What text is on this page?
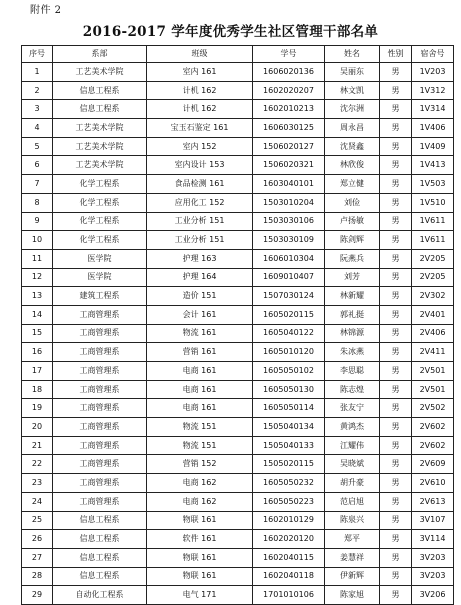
附件 2
2016-2017 学年度优秀学生社区管理干部名单
序号	系部	班级	学号	姓名	性别	宿舍号
1	工艺美术学院	室内 161	1606020136	吴丽东	男	1V203
2	信息工程系	计机 162	1602020207	林文凯	男	1V312
3	信息工程系	计机 162	1602010213	沈尔洲	男	1V314
4	工艺美术学院	宝玉石鉴定 161	1606030125	周永昌	男	1V406
5	工艺美术学院	室内 152	1506020127	沈贤鑫	男	1V409
6	工艺美术学院	室内设计 153	1506020321	林欣俊	男	1V413
7	化学工程系	食品检测 161	1603040101	郑立健	男	1V503
8	化学工程系	应用化工 152	1503010204	刘俭	男	1V510
9	化学工程系	工业分析 151	1503030106	卢扬敏	男	1V611
10	化学工程系	工业分析 151	1503030109	陈剑辉	男	1V611
11	医学院	护理 163	1606010304	阮燕兵	男	2V205
12	医学院	护理 164	1609010407	刘芳	男	2V205
13	建筑工程系	造价 151	1507030124	林新耀	男	2V302
14	工商管理系	会计 161	1605020115	郭礼挺	男	2V401
15	工商管理系	物流 161	1605040122	林锦源	男	2V406
16	工商管理系	营销 161	1605010120	朱冰燕	男	2V411
17	工商管理系	电商 161	1605050102	李思聪	男	2V501
18	工商管理系	电商 161	1605050130	陈志煌	男	2V501
19	工商管理系	电商 161	1605050114	张友宁	男	2V502
20	工商管理系	物流 151	1505040134	黄鸿杰	男	2V602
21	工商管理系	物流 151	1505040133	江耀伟	男	2V602
22	工商管理系	营销 152	1505020115	吴晓斌	男	2V609
23	工商管理系	电商 162	1605050232	胡升豪	男	2V610
24	工商管理系	电商 162	1605050223	范启旭	男	2V613
25	信息工程系	物联 161	1602010129	陈泉兴	男	3V107
26	信息工程系	软件 161	1602020120	郑平	男	3V114
27	信息工程系	物联 161	1602040115	姜慧祥	男	3V203
28	信息工程系	物联 161	1602040118	伊新辉	男	3V203
29	自动化工程系	电气 171	1701010106	陈家旭	男	3V206
